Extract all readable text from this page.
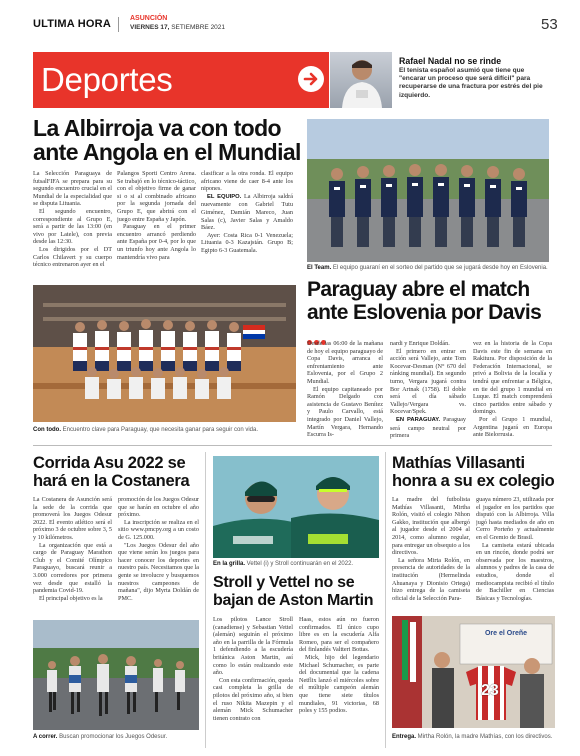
ULTIMA HORA	ASUNCIÓN
VIERNES 17, SETIEMBRE 2021	53
Deportes	Rafael Nadal no se rinde
El tenista español asumió que tiene que "encarar un proceso que será difícil" para recuperarse de una fractura por estrés del pie izquierdo.
La Albirroja va con todo
ante Angola en el Mundial

La Selección Paraguaya de futsalFIFA se prepara para su segundo encuentro crucial en el Mundial de la especialidad que se disputa Lituania.

El segundo encuentro, correspondiente al Grupo E, será a partir de las 13:00 (en vivo por Latele), con previa desde las 12:30.

Los dirigidos por el DT Carlos Chilavert y su cuerpo técnico entrenaron ayer en el

Palangos Sporti Centro Arena. Se trabajó en lo técnico-táctico, con el objetivo firme de ganar si o si al combinado africano por la segunda jornada del Grupo E, que abrirá con el juego entre España y Japón.

Paraguay en el primer encuentro arrancó perdiendo ante España por 0-4, por lo que un triunfo hoy ante Angola lo mantendría vivo para

clasificar a la otra ronda. El equipo africano viene de caer 8-4 ante los nipones.

EL EQUIPO. La Albirroja saldrá nuevamente con Gabriel Tutu Giménez, Damián Mareco, Juan Salas (c), Javier Salas y Amaldo Báez.

Ayer: Costa Rica 0-1 Venezuela; Lituania 0-3 Kazajstán. Grupo B; Egipto 6-3 Guatemala.

Con todo. Encuentro clave para Paraguay, que necesita ganar para seguir con vida.
El Team. El equipo guaraní en el sorteo del partido que se jugará desde hoy en Eslovenia.
Paraguay abre el match
ante Eslovenia por Davis

Desde las 06:00 de la mañana de hoy el equipo paraguayo de Copa Davis, arranca el enfrentamiento ante Eslovenia, por el Grupo 2 Mundial.

El equipo capitaneado por Ramón Delgado con asistencia de Gustavo Benítez y Paulo Carvallo, está integrado por Daniel Vallejo, Martín Vergara, Hernando Escurra Is-

nardi y Enrique Doldán.

El primero en entrar en acción será Vallejo, ante Tom Kocevar-Desman (N° 670 del ránking mundial). En segundo turno, Vergara jugará contra Bor Artnak (1758). El doble será el día sábado Vallejo/Vergara vs. Kocevar/Spek.

EN PARAGUAY. Paraguay será campo neutral por primera

vez en la historia de la Copa Davis este fin de semana en Rakitura. Por disposición de la Federación Internacional, se privó a Bolivia de la localía y tendrá que enfrentar a Bélgica, en tie del grupo 1 mundial en Luque. El match comprenderá cinco partidos entre sábado y domingo.

Por el Grupo 1 mundial, Argentina jugará en Europa ante Bielorrusia.

Corrida Asu 2022 se
hará en la Costanera

La Costanera de Asunción será la sede de la corrida que promoverá los Juegos Odesur 2022. El evento atlético será el próximo 3 de octubre sobre 3, 5 y 10 kilómetros.

La organización que está a cargo de Paraguay Marathon Club y el Comité Olímpico Paraguayo, buscará reunir a 3.000 corredores por primera vez desde que estalló la pandemia Covid-19.

El principal objetivo es la

promoción de los Juegos Odesur que se harán en octubre el año próximo.

La inscripción se realiza en el sitio www.pmcpy.org a un costo de G. 125.000.

"Los Juegos Odesur del año que viene serán los juegos para hacer conocer los deportes en nuestro país. Necesitamos que la gente se involucre y busquemos nuestros campeones de mañana", dijo Myrta Doldán de PMC.

A correr. Buscan promocionar los Juegos Odesur.
En la grilla. Vettel (i) y Stroll continuarán en el 2022.
Stroll y Vettel no se
bajan de Aston Martin

Los pilotos Lance Stroll (canadiense) y Sebastian Vettel (alemán) seguirán el próximo año en la parrilla de la Fórmula 1 defendiendo a la escudería británica Aston Martin, así como lo están realizando este año.

Con esta confirmación, queda casi completa la grilla de pilotos del próximo año, si bien el ruso Nikita Mazepin y el alemán Mick Schumacher tienen contrato con

Haas, estos aún no fueron confirmados. El único cupo libre es en la escudería Alfa Romeo, para ser el compañero del finlandés Valtteri Bottas.

Mick, hijo del legendario Michael Schumacher, es parte del documental que la cadena Netflix lanzó el miércoles sobre el múltiple campeón alemán que tiene siete títulos mundiales, 91 victorias, 68 poles y 155 podios.

Mathías Villasanti
honra a su ex colegio

La madre del futbolista Mathías Villasanti, Mirtha Rolón, visitó el colegio Nihon Gakko, institución que albergó al jugador desde el 2004 al 2014, como alumno regular, para entregar un obsequio a los directivos.

La señora Mirta Rolón, en presencia de autoridades de la institución (Hermelinda Ahuanaya y Dionisio Ortega) hizo entrega de la camiseta oficial de la Selección Para-

guaya número 23, utilizada por el jugador en los partidos que disputó con la Albirroja. Villa jugó hasta mediados de año en Cerro Porteño y actualmente en el Gremio de Brasil.

La camiseta estará ubicada en un rincón, donde podrá ser observada por los maestros, alumnos y padres de la casa de estudios, donde el mediocampista recibió el título de Bachiller en Ciencias Básicas y Tecnologías.

23
Ore el Oreñe
Entrega. Mirtha Rolón, la madre Mathías, con los directivos.
